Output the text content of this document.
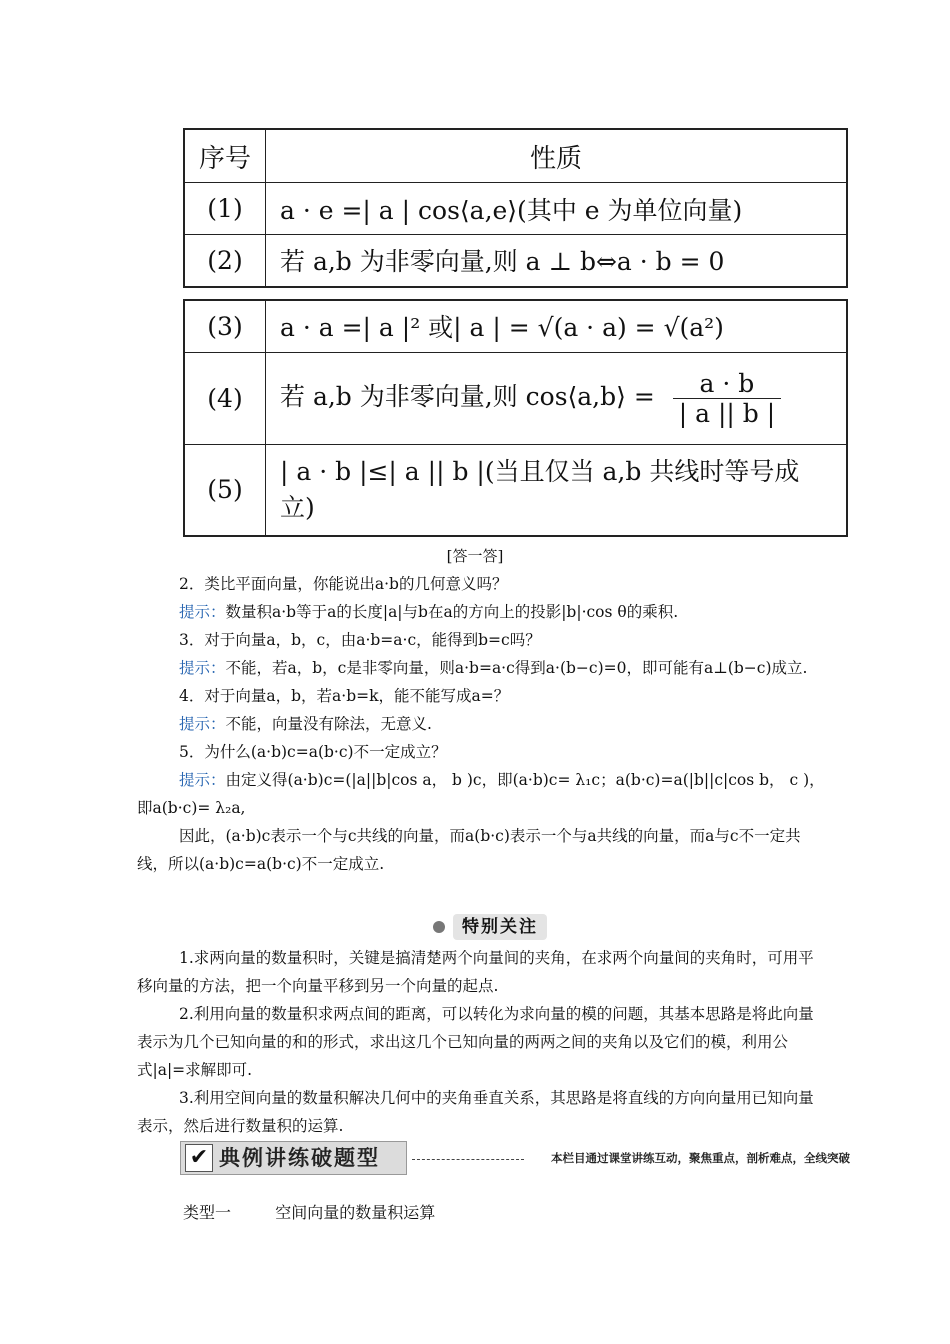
序号	性质
(1)	a · e =| a | cos⟨a,e⟩(其中 e 为单位向量)
(2)	若 a,b 为非零向量,则 a ⊥ b⇔a · b = 0
(3)	a · a =| a |² 或| a | = √(a · a) = √(a²)
(4)	若 a,b 为非零向量,则 cos⟨a,b⟩ = $\frac{a \cdot b}{| a || b |}$

(5)	| a · b |≤| a || b |(当且仅当 a,b 共线时等号成立)
[答一答]
2．类比平面向量，你能说出a·b的几何意义吗？
提示：数量积a·b等于a的长度|a|与b在a的方向上的投影|b|·cos θ的乘积.
3．对于向量a，b，c，由a·b=a·c，能得到b=c吗？
提示：不能，若a，b，c是非零向量，则a·b=a·c得到a·(b−c)=0，即可能有a⊥(b−c)成立.
4．对于向量a，b，若a·b=k，能不能写成a=？
提示：不能，向量没有除法，无意义.
5．为什么(a·b)c=a(b·c)不一定成立？
提示：由定义得(a·b)c=(|a||b|cos a， b )c，即(a·b)c= λ₁c；a(b·c)=a(|b||c|cos b， c )，即a(b·c)= λ₂a,
因此，(a·b)c表示一个与c共线的向量，而a(b·c)表示一个与a共线的向量，而a与c不一定共线，所以(a·b)c=a(b·c)不一定成立.
特别关注
1.求两向量的数量积时，关键是搞清楚两个向量间的夹角，在求两个向量间的夹角时，可用平移向量的方法，把一个向量平移到另一个向量的起点.
2.利用向量的数量积求两点间的距离，可以转化为求向量的模的问题，其基本思路是将此向量表示为几个已知向量的和的形式，求出这几个已知向量的两两之间的夹角以及它们的模，利用公式|a|=求解即可.
3.利用空间向量的数量积解决几何中的夹角垂直关系，其思路是将直线的方向向量用已知向量表示，然后进行数量积的运算.
✔ 典例讲练破题型	本栏目通过课堂讲练互动，聚焦重点，剖析难点，全线突破
类型一	空间向量的数量积运算
